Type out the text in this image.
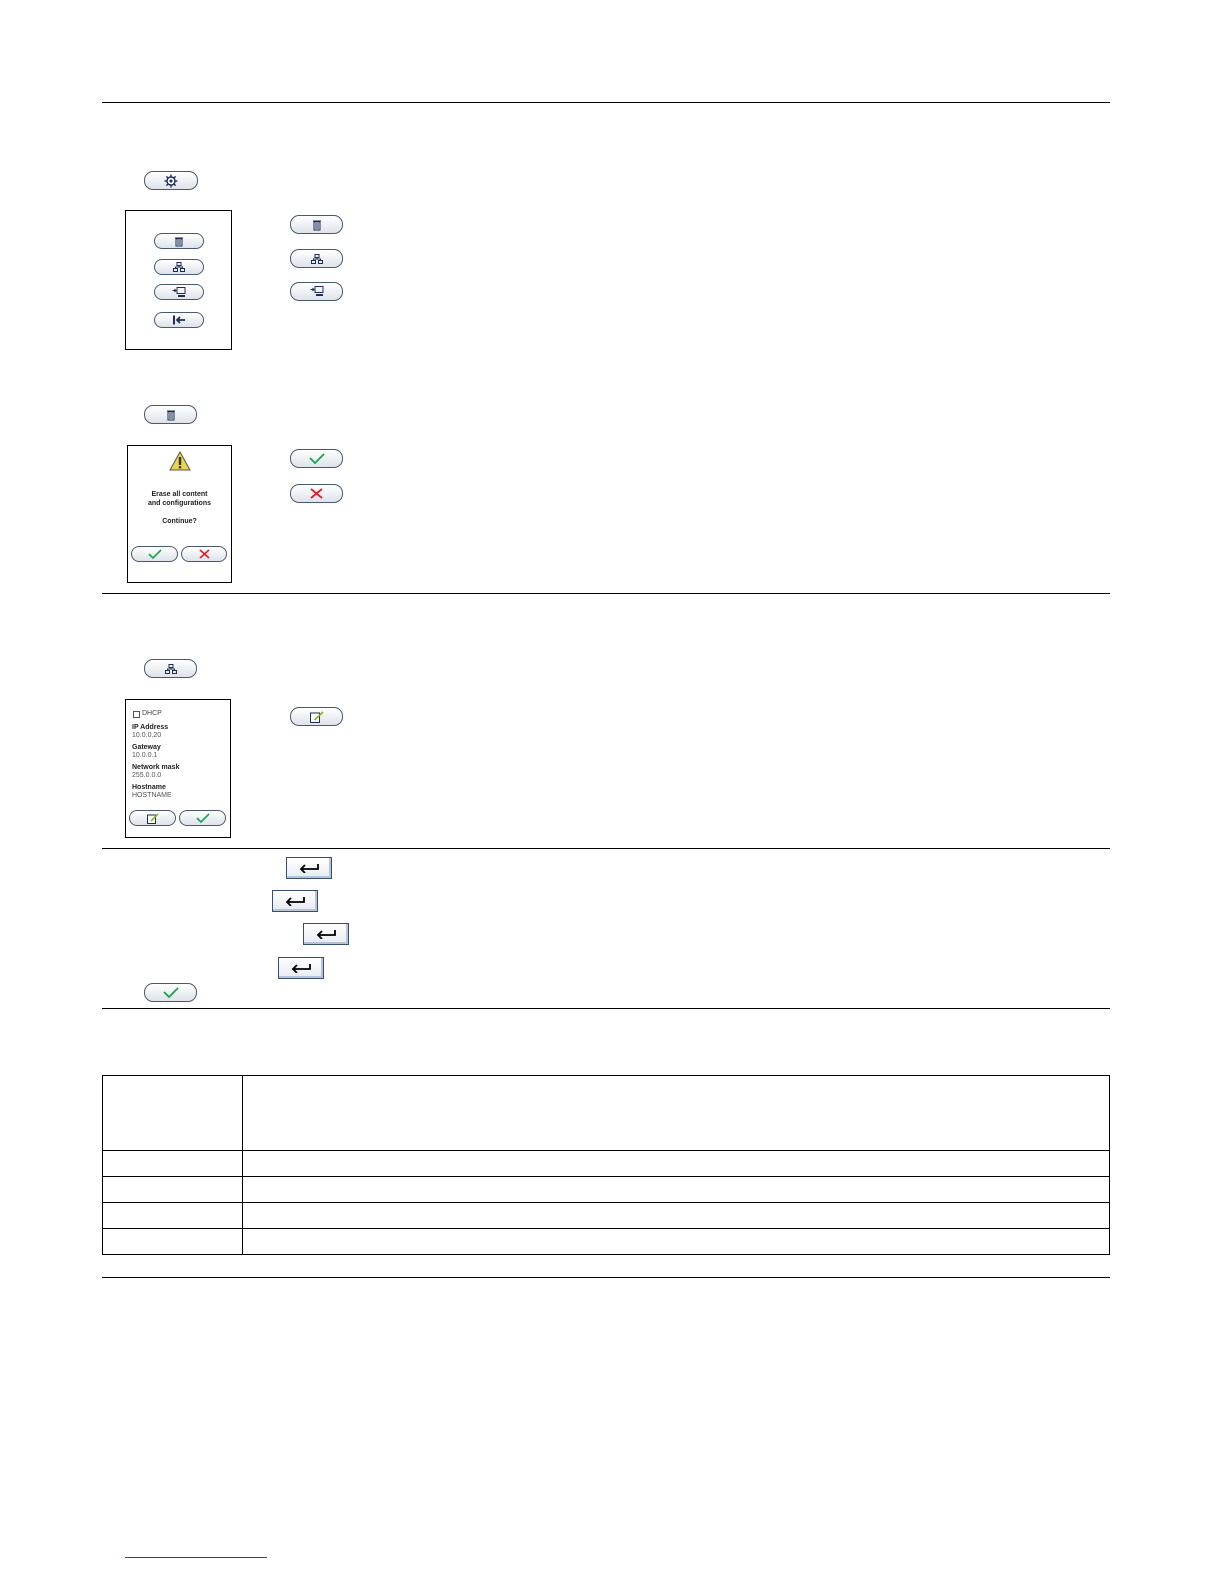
Erase all content
and configurations
Continue?
DHCP
IP Address
10.0.0.20
Gateway
10.0.0.1
Network mask
255.0.0.0
Hostname
HOSTNAME
